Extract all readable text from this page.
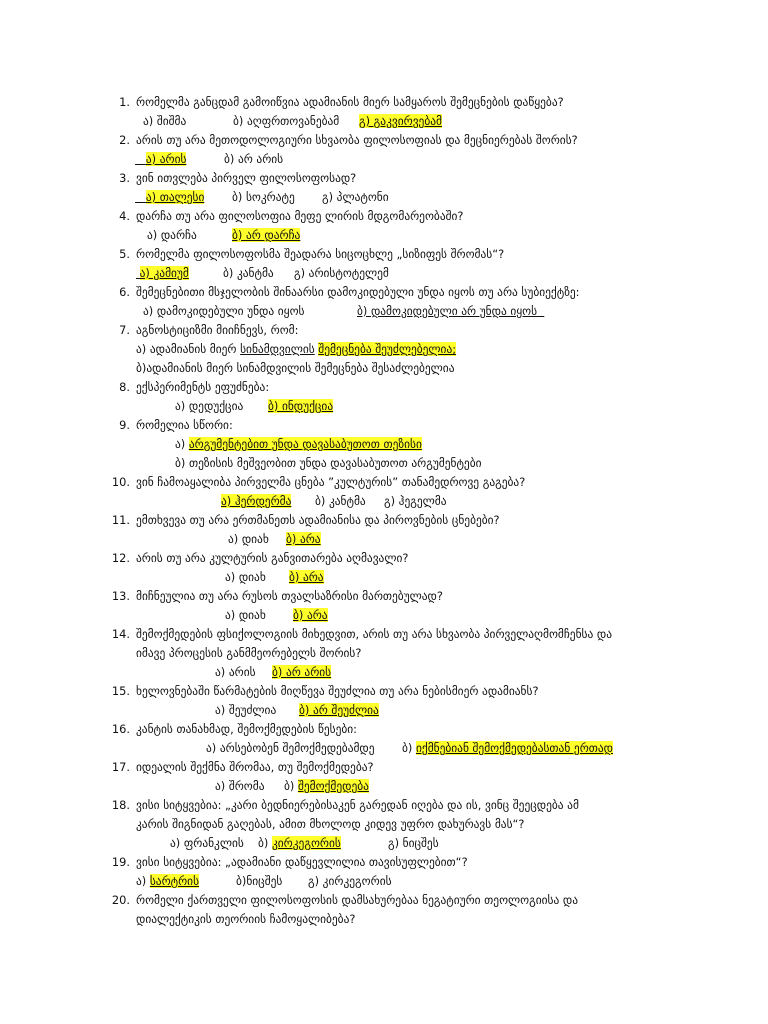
1. რომელმა განცდამ გამოიწვია ადამიანის მიერ სამყაროს შემეცნების დაწყება?
ა) შიშმა	ბ) აღფრთოვანებამ გ) გაკვირვებამ
2. არის თუ არა მეთოდოლოგიური სხვაობა ფილოსოფიას და მეცნიერებას შორის?
ა) არის	ბ) არ არის
3. ვინ ითვლება პირველ ფილოსოფოსად?
ა) თალესი ბ) სოკრატე გ) პლატონი
4. დარჩა თუ არა ფილოსოფია მეფე ლირის მდგომარეობაში?
ა) დარჩა	ბ) არ დარჩა
5. რომელმა ფილოსოფოსმა შეადარა სიცოცხლე „სიზიფეს შრომას“?
ა) კამიუმ	ბ) კანტმა გ) არისტოტელემ
6. შემეცნებითი მსჯელობის შინაარსი დამოკიდებული უნდა იყოს თუ არა სუბიექტზე:
ა) დამოკიდებული უნდა იყოს	ბ) დამოკიდებული არ უნდა იყოს
7. აგნოსტიციზმი მიიჩნევს, რომ:
ა) ადამიანის მიერ სინამდვილის შემეცნება შეუძლებელია;
ბ)ადამიანის მიერ სინამდვილის შემეცნება შესაძლებელია
8. ექსპერიმენტს ეფუძნება:
ა) დედუქცია ბ) ინდუქცია
9. რომელია სწორი:
ა) არგუმენტებით უნდა დავასაბუთოთ თეზისი
ბ) თეზისის მეშვეობით უნდა დავასაბუთოთ არგუმენტები
10. ვინ ჩამოაყალიბა პირველმა ცნება ”კულტურის” თანამედროვე გაგება?
ა) ჰერდერმა ბ) კანტმა გ) ჰეგელმა
11. ემთხვევა თუ არა ერთმანეთს ადამიანისა და პიროვნების ცნებები?
ა) დიახ ბ) არა
12. არის თუ არა კულტურის განვითარება აღმავალი?
ა) დიახ ბ) არა
13. მიჩნეულია თუ არა რუსოს თვალსაზრისი მართებულად?
ა) დიახ ბ) არა
14. შემოქმედების ფსიქოლოგიის მიხედვით, არის თუ არა სხვაობა პირველაღმომჩენსა და
იმავე პროცესის განმმეორებელს შორის?
ა) არის ბ) არ არის
15. ხელოვნებაში წარმატების მიღწევა შეუძლია თუ არა ნებისმიერ ადამიანს?
ა) შეუძლია ბ) არ შეუძლია
16. კანტის თანახმად, შემოქმედების წესები:
ა) არსებობენ შემოქმედებამდე ბ) იქმნებიან შემოქმედებასთან ერთად
17. იდეალის შექმნა შრომაა, თუ შემოქმედება?
ა) შრომა ბ) შემოქმედება
18. ვისი სიტყვებია: „კარი ბედნიერებისაკენ გარედან იღება და ის, ვინც შეეცდება ამ
კარის შიგნიდან გაღებას, ამით მხოლოდ კიდევ უფრო დახურავს მას“?
ა) ფრანკლის ბ) კირკეგორის	გ) ნიცშეს
19. ვისი სიტყვებია: „ადამიანი დაწყევლილია თავისუფლებით“?
ა) სარტრის	ბ)ნიცშეს გ) კირკეგორის
20. რომელი ქართველი ფილოსოფოსის დამსახურებაა ნეგატიური თეოლოგიისა და
დიალექტიკის თეორიის ჩამოყალიბება?
